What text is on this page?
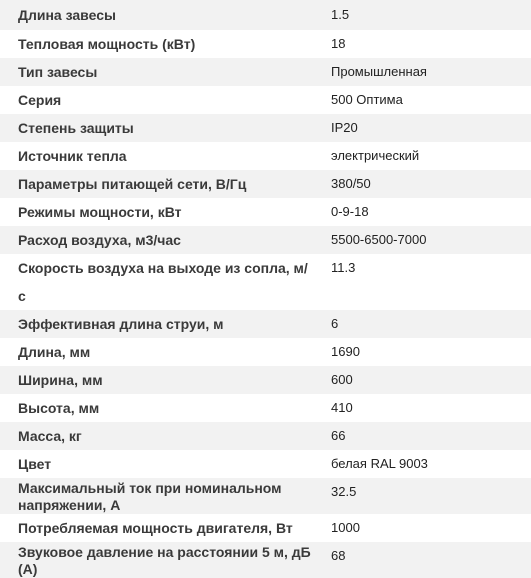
Длина завесы	1.5
Тепловая мощность (кВт)	18
Тип завесы	Промышленная
Серия	500 Оптима
Степень защиты	IP20
Источник тепла	электрический
Параметры питающей сети, В/Гц	380/50
Режимы мощности, кВт	0-9-18
Расход воздуха, м3/час	5500-6500-7000
Скорость воздуха на выходе из сопла, м/с	11.3
Эффективная длина струи, м	6
Длина, мм	1690
Ширина, мм	600
Высота, мм	410
Масса, кг	66
Цвет	белая RAL 9003
Максимальный ток при номинальном напряжении, А	32.5
Потребляемая мощность двигателя, Вт	1000
Звуковое давление на расстоянии 5 м, дБ (А)	68
